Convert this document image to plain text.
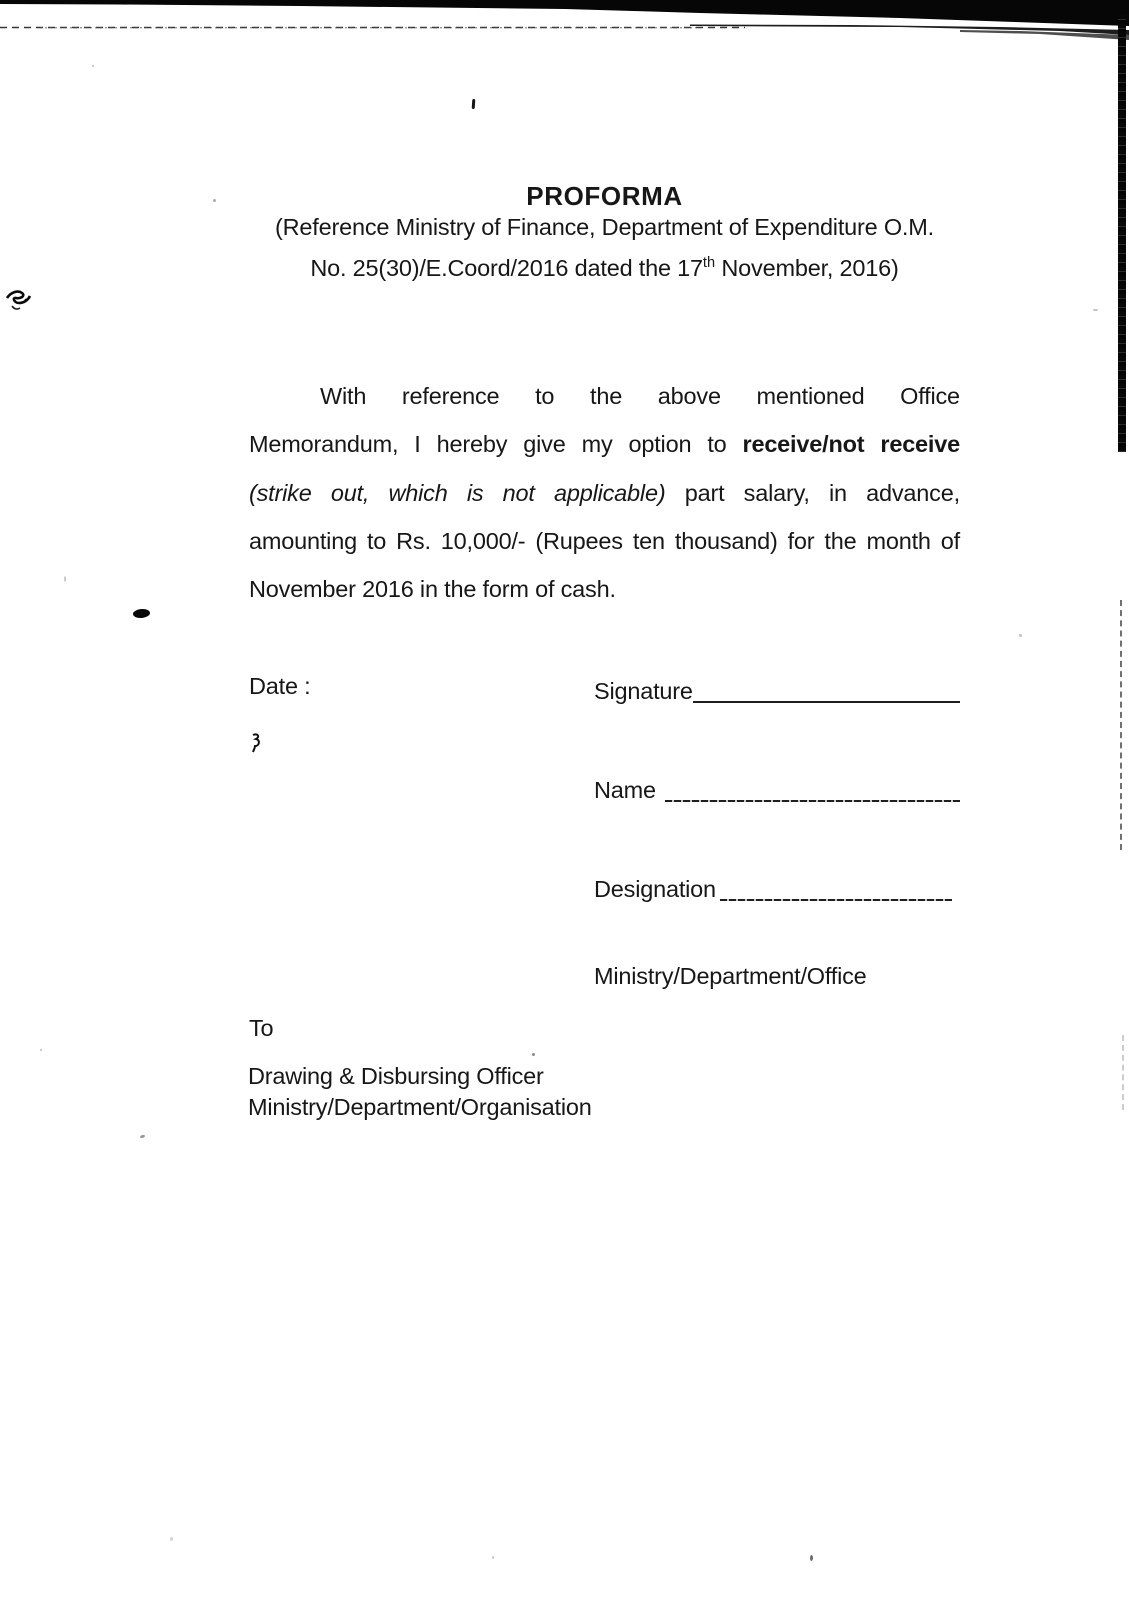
PROFORMA
(Reference Ministry of Finance, Department of Expenditure O.M.
No. 25(30)/E.Coord/2016 dated the 17th November, 2016)
With reference to the above mentioned Office
Memorandum, I hereby give my option to receive/not receive
(strike out, which is not applicable) part salary, in advance,
amounting to Rs. 10,000/- (Rupees ten thousand) for the month of
November 2016 in the form of cash.
Date :	Signature
Name
Designation
Ministry/Department/Office
To
Drawing & Disbursing Officer
Ministry/Department/Organisation
